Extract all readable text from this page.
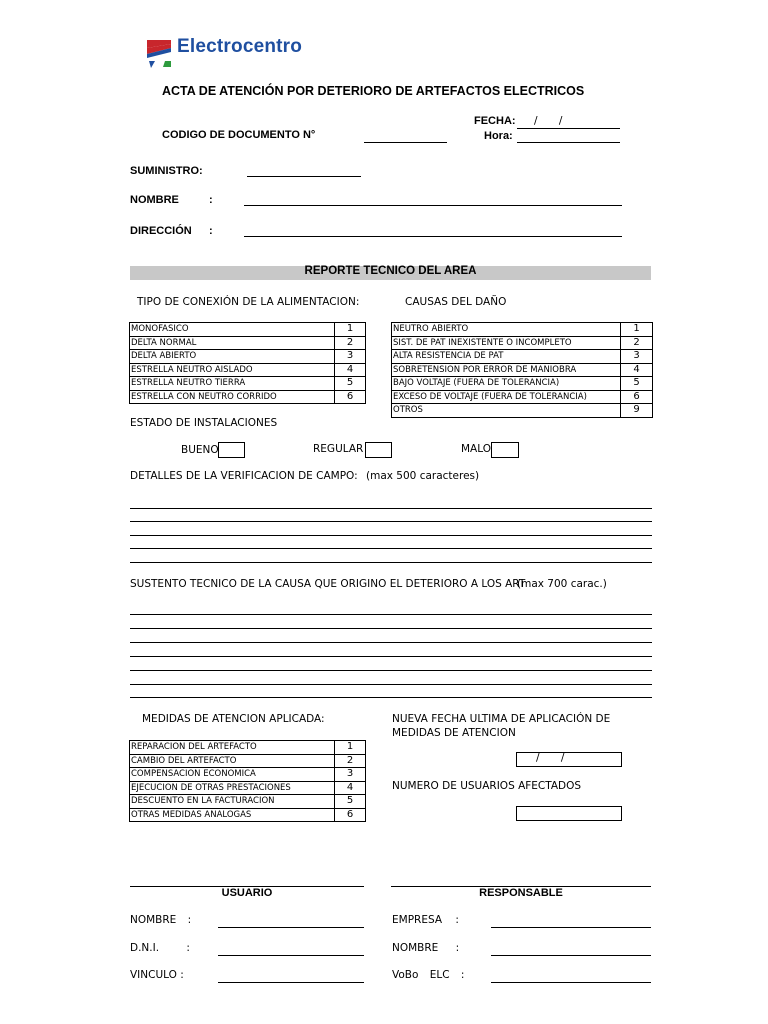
Electrocentro
ACTA DE ATENCIÓN POR DETERIORO DE ARTEFACTOS ELECTRICOS
FECHA: / /
Hora:
CODIGO DE DOCUMENTO N°
SUMINISTRO:
NOMBRE	:
DIRECCIÓN :
REPORTE TECNICO DEL AREA
TIPO DE CONEXIÓN DE LA ALIMENTACION:	CAUSAS DEL DAÑO
MONOFASICO	1
DELTA NORMAL	2
DELTA ABIERTO	3
ESTRELLA NEUTRO AISLADO	4
ESTRELLA NEUTRO TIERRA	5
ESTRELLA CON NEUTRO CORRIDO	6
NEUTRO ABIERTO	1
SIST. DE PAT INEXISTENTE O INCOMPLETO	2
ALTA RESISTENCIA DE PAT	3
SOBRETENSION POR ERROR DE MANIOBRA	4
BAJO VOLTAJE (FUERA DE TOLERANCIA)	5
EXCESO DE VOLTAJE (FUERA DE TOLERANCIA)	6
OTROS	9
ESTADO DE INSTALACIONES
BUENO	REGULAR	MALO
DETALLES DE LA VERIFICACION DE CAMPO: (max 500 caracteres)
SUSTENTO TECNICO DE LA CAUSA QUE ORIGINO EL DETERIORO A LOS ART
(max 700 carac.)
MEDIDAS DE ATENCION APLICADA:
REPARACION DEL ARTEFACTO	1
CAMBIO DEL ARTEFACTO	2
COMPENSACION ECONOMICA	3
EJECUCION DE OTRAS PRESTACIONES	4
DESCUENTO EN LA FACTURACION	5
OTRAS MEDIDAS ANALOGAS	6
NUEVA FECHA ULTIMA DE APLICACIÓN DE
MEDIDAS DE ATENCION
/ /
NUMERO DE USUARIOS AFECTADOS
USUARIO	RESPONSABLE
NOMBRE :
D.N.I. :
VINCULO :
EMPRESA :
NOMBRE :
VoBo ELC :
